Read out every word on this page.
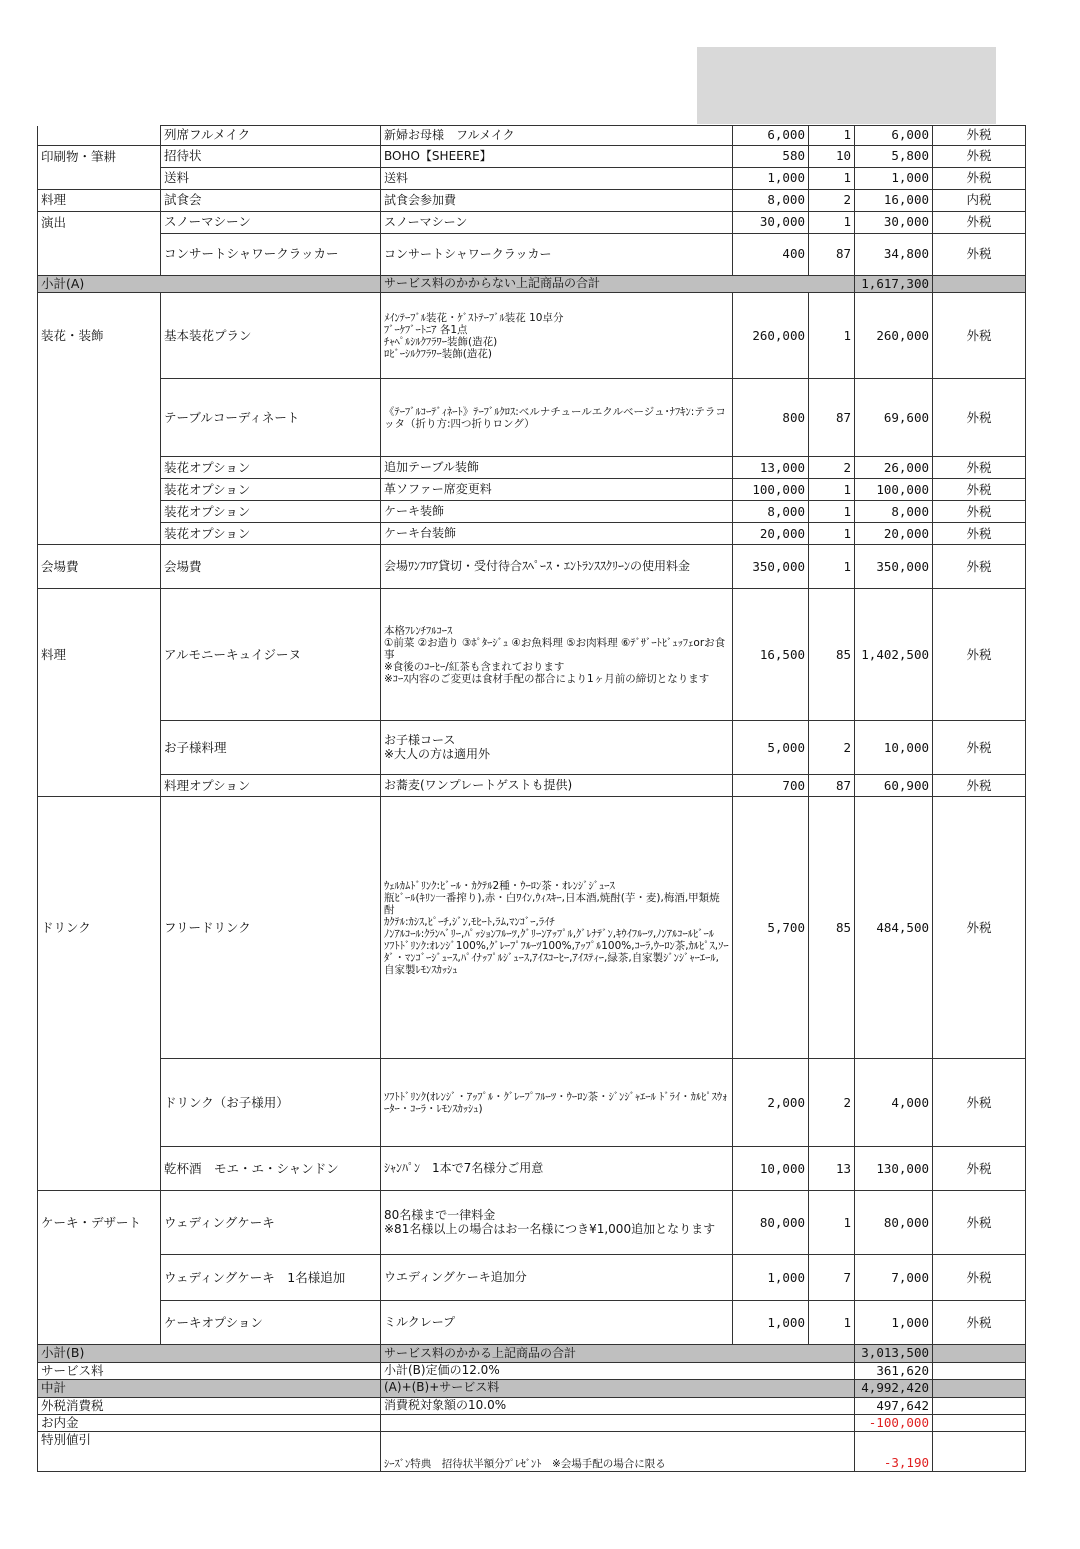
	列席フルメイク	新婦お母様　フルメイク	6,000	1	6,000	外税
印刷物・筆耕	招待状	BOHO【SHEERE】	580	10	5,800	外税
	送料	送料	1,000	1	1,000	外税
料理	試食会	試食会参加費	8,000	2	16,000	内税
演出	スノーマシーン	スノーマシーン	30,000	1	30,000	外税
	コンサートシャワークラッカー	コンサートシャワークラッカー	400	87	34,800	外税
小計(A)		サービス料のかからない上記商品の合計			1,617,300	
装花・装飾	基本装花プラン	ﾒｲﾝﾃｰﾌﾞﾙ装花・ｹﾞｽﾄﾃｰﾌﾞﾙ装花 10卓分
ﾌﾞｰｹﾌﾞｰﾄﾆｱ 各1点
ﾁｬﾍﾟﾙｼﾙｸﾌﾗﾜｰ装飾(造花)
ﾛﾋﾞｰｼﾙｸﾌﾗﾜｰ装飾(造花)	260,000	1	260,000	外税
	テーブルコーディネート	《ﾃｰﾌﾞﾙｺｰﾃﾞｨﾈｰﾄ》ﾃｰﾌﾞﾙｸﾛｽ:ベルナチュールエクルベージュ･ﾅﾌｷﾝ:テラコッタ（折り方:四つ折りロング）	800	87	69,600	外税
	装花オプション	追加テーブル装飾	13,000	2	26,000	外税
	装花オプション	革ソファー席変更料	100,000	1	100,000	外税
	装花オプション	ケーキ装飾	8,000	1	8,000	外税
	装花オプション	ケーキ台装飾	20,000	1	20,000	外税
会場費	会場費	会場ﾜﾝﾌﾛｱ貸切・受付待合ｽﾍﾟｰｽ・ｴﾝﾄﾗﾝｽｽｸﾘｰﾝの使用料金	350,000	1	350,000	外税
料理	アルモニーキュイジーヌ	本格ﾌﾚﾝﾁﾌﾙｺｰｽ
①前菜 ②お造り ③ﾎﾟﾀｰｼﾞｭ ④お魚料理 ⑤お肉料理 ⑥ﾃﾞｻﾞｰﾄﾋﾞｭｯﾌｪorお食事
※食後のｺｰﾋｰ/紅茶も含まれております
※ｺｰｽ内容のご変更は食材手配の都合により1ヶ月前の締切となります	16,500	85	1,402,500	外税
	お子様料理	お子様コース
※大人の方は適用外	5,000	2	10,000	外税
	料理オプション	お蕎麦(ワンプレートゲストも提供)	700	87	60,900	外税
ドリンク	フリードリンク	ｳｪﾙｶﾑﾄﾞﾘﾝｸ:ﾋﾞｰﾙ・ｶｸﾃﾙ2種・ｳｰﾛﾝ茶・ｵﾚﾝｼﾞｼﾞｭｰｽ
瓶ﾋﾞｰﾙ(ｷﾘﾝ一番搾り),赤・白ﾜｲﾝ,ｳｨｽｷｰ,日本酒,焼酎(芋・麦),梅酒,甲類焼酎
ｶｸﾃﾙ:ｶｼｽ,ﾋﾟｰﾁ,ｼﾞﾝ,ﾓﾋｰﾄ,ﾗﾑ,ﾏﾝｺﾞｰ,ﾗｲﾁ
ﾉﾝｱﾙｺｰﾙ:ｸﾗﾝﾍﾞﾘｰ,ﾊﾟｯｼｮﾝﾌﾙｰﾂ,ｸﾞﾘｰﾝｱｯﾌﾟﾙ,ｸﾞﾚﾅﾃﾞﾝ,ｷｳｲﾌﾙｰﾂ,ﾉﾝｱﾙｺｰﾙﾋﾞｰﾙ
ｿﾌﾄﾄﾞﾘﾝｸ:ｵﾚﾝｼﾞ100%,ｸﾞﾚｰﾌﾟﾌﾙｰﾂ100%,ｱｯﾌﾟﾙ100%,ｺｰﾗ,ｳｰﾛﾝ茶,ｶﾙﾋﾟｽ,ｿｰﾀﾞ・ﾏﾝｺﾞｰｼﾞｭｰｽ,ﾊﾟｲﾅｯﾌﾟﾙｼﾞｭｰｽ,ｱｲｽｺｰﾋｰ,ｱｲｽﾃｨｰ,緑茶,自家製ｼﾞﾝｼﾞｬｰｴｰﾙ,自家製ﾚﾓﾝｽｶｯｼｭ	5,700	85	484,500	外税
	ドリンク（お子様用）	ｿﾌﾄﾄﾞﾘﾝｸ(ｵﾚﾝｼﾞ・ｱｯﾌﾟﾙ・ｸﾞﾚｰﾌﾟﾌﾙｰﾂ・ｳｰﾛﾝ茶・ｼﾞﾝｼﾞｬｴｰﾙ ﾄﾞﾗｲ・ｶﾙﾋﾟｽｳｫｰﾀｰ・ｺｰﾗ・ﾚﾓﾝｽｶｯｼｭ)	2,000	2	4,000	外税
	乾杯酒　モエ・エ・シャンドン	ｼｬﾝﾊﾟﾝ　1本で7名様分ご用意	10,000	13	130,000	外税
ケーキ・デザート	ウェディングケーキ	80名様まで一律料金
※81名様以上の場合はお一名様につき¥1,000追加となります	80,000	1	80,000	外税
	ウェディングケーキ　1名様追加	ウエディングケーキ追加分	1,000	7	7,000	外税
	ケーキオプション	ミルクレープ	1,000	1	1,000	外税
小計(B)		サービス料のかかる上記商品の合計			3,013,500	
サービス料		小計(B)定価の12.0%			361,620	
中計		(A)+(B)+サービス料			4,992,420	
外税消費税		消費税対象額の10.0%			497,642	
お内金					-100,000	
特別値引		ｼｰｽﾞﾝ特典　招待状半額分ﾌﾟﾚｾﾞﾝﾄ　※会場手配の場合に限る			-3,190	
